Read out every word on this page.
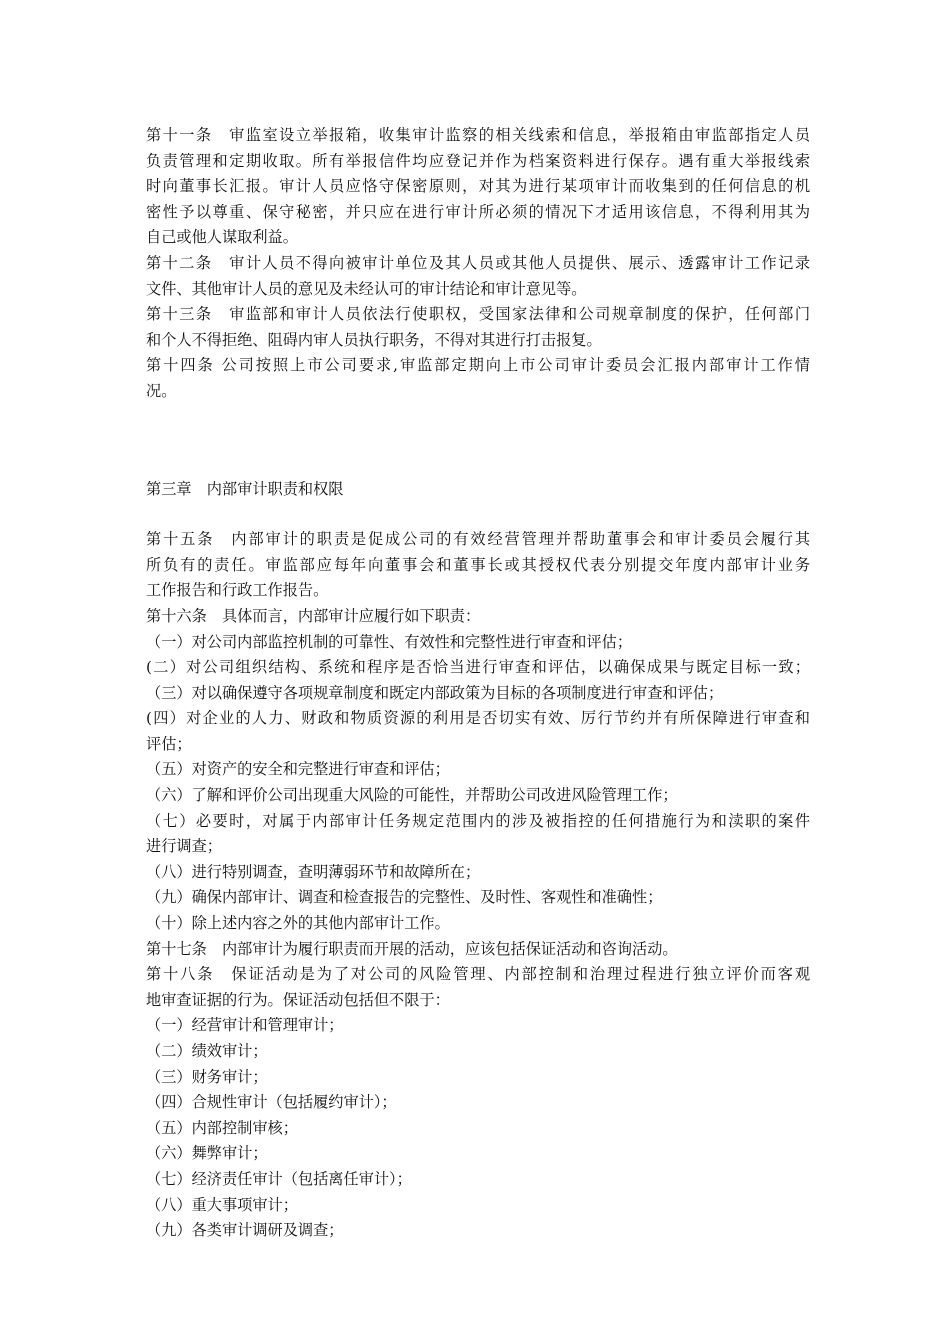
第十一条　审监室设立举报箱，收集审计监察的相关线索和信息，举报箱由审监部指定人员
负责管理和定期收取。所有举报信件均应登记并作为档案资料进行保存。遇有重大举报线索
时向董事长汇报。审计人员应恪守保密原则，对其为进行某项审计而收集到的任何信息的机
密性予以尊重、保守秘密，并只应在进行审计所必须的情况下才适用该信息，不得利用其为
自己或他人谋取利益。
第十二条　审计人员不得向被审计单位及其人员或其他人员提供、展示、透露审计工作记录
文件、其他审计人员的意见及未经认可的审计结论和审计意见等。
第十三条　审监部和审计人员依法行使职权，受国家法律和公司规章制度的保护，任何部门
和个人不得拒绝、阻碍内审人员执行职务，不得对其进行打击报复。
第十四条 公司按照上市公司要求,审监部定期向上市公司审计委员会汇报内部审计工作情
况。
第三章　内部审计职责和权限
第十五条　内部审计的职责是促成公司的有效经营管理并帮助董事会和审计委员会履行其
所负有的责任。审监部应每年向董事会和董事长或其授权代表分别提交年度内部审计业务
工作报告和行政工作报告。
第十六条　具体而言，内部审计应履行如下职责：
（一）对公司内部监控机制的可靠性、有效性和完整性进行审查和评估；
(二）对公司组织结构、系统和程序是否恰当进行审查和评估，以确保成果与既定目标一致；
（三）对以确保遵守各项规章制度和既定内部政策为目标的各项制度进行审查和评估；
(四）对企业的人力、财政和物质资源的利用是否切实有效、厉行节约并有所保障进行审查和
评估；
（五）对资产的安全和完整进行审查和评估；
（六）了解和评价公司出现重大风险的可能性，并帮助公司改进风险管理工作；
（七）必要时，对属于内部审计任务规定范围内的涉及被指控的任何措施行为和渎职的案件
进行调查；
（八）进行特别调查，查明薄弱环节和故障所在；
（九）确保内部审计、调查和检查报告的完整性、及时性、客观性和准确性；
（十）除上述内容之外的其他内部审计工作。
第十七条　内部审计为履行职责而开展的活动，应该包括保证活动和咨询活动。
第十八条　保证活动是为了对公司的风险管理、内部控制和治理过程进行独立评价而客观
地审查证据的行为。保证活动包括但不限于：
（一）经营审计和管理审计；
（二）绩效审计；
（三）财务审计；
（四）合规性审计（包括履约审计）；
（五）内部控制审核；
（六）舞弊审计；
（七）经济责任审计（包括离任审计）；
（八）重大事项审计；
（九）各类审计调研及调查；
